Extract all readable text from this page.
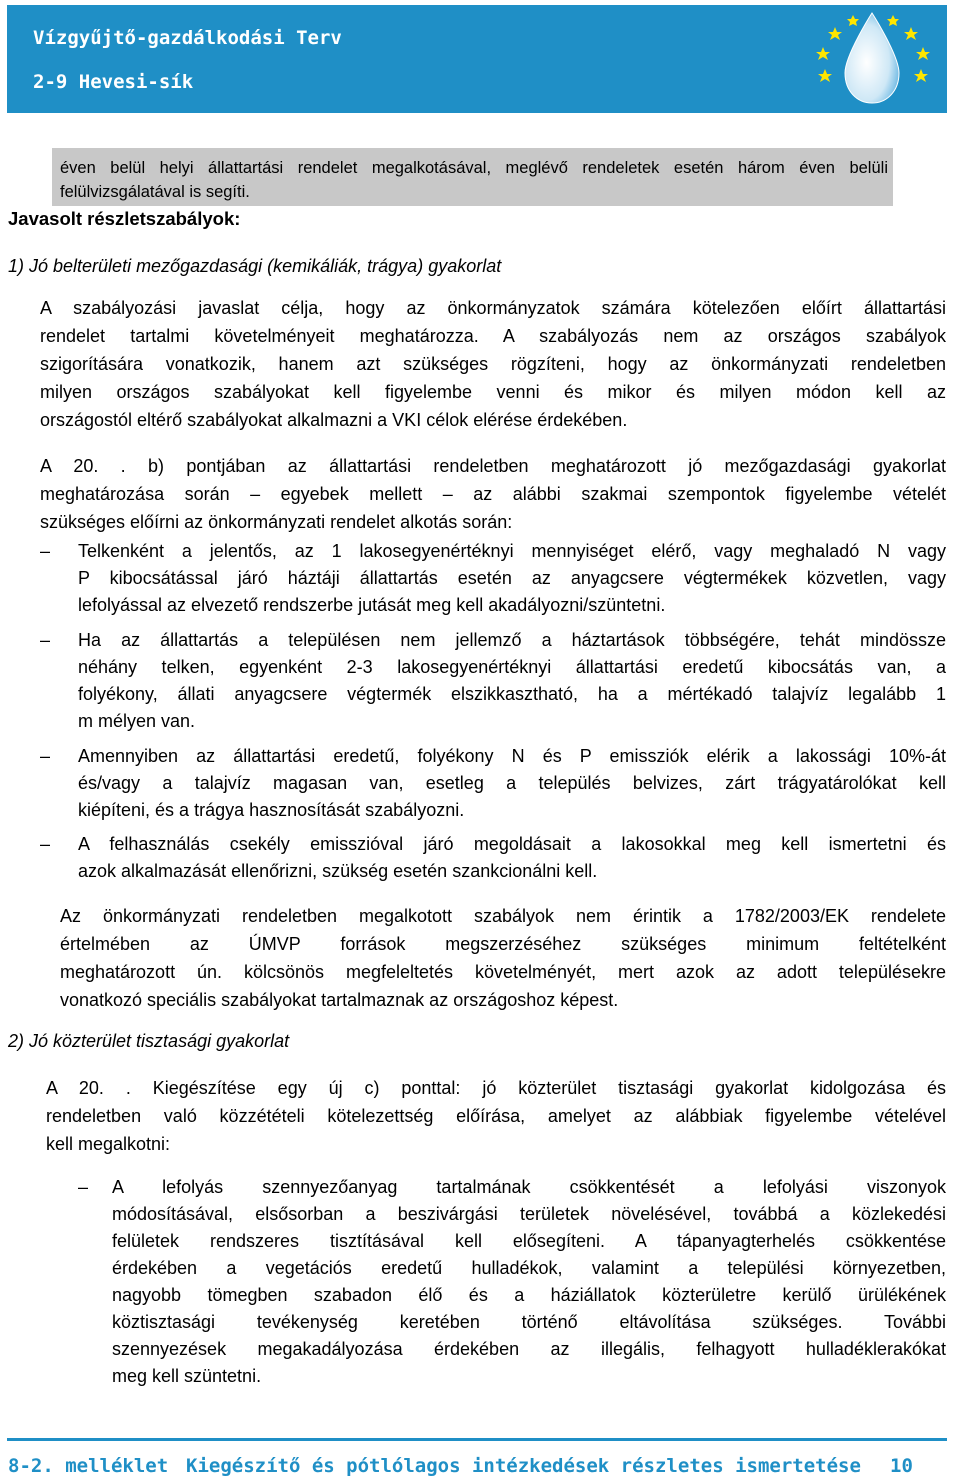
Vízgyűjtő-gazdálkodási Terv
2-9 Hevesi-sík

éven belül helyi állattartási rendelet megalkotásával, meglévő rendeletek esetén három éven belüli

felülvizsgálatával is segíti.

Javasolt részletszabályok:
1) Jó belterületi mezőgazdasági (kemikáliák, trágya) gyakorlat

A szabályozási javaslat célja, hogy az önkormányzatok számára kötelezően előírt állattartási

rendelet tartalmi követelményeit meghatározza. A szabályozás nem az országos szabályok

szigorítására vonatkozik, hanem azt szükséges rögzíteni, hogy az önkormányzati rendeletben

milyen országos szabályokat kell figyelembe venni és mikor és milyen módon kell az

országostól eltérő szabályokat alkalmazni a VKI célok elérése érdekében.

A 20. . b) pontjában az állattartási rendeletben meghatározott jó mezőgazdasági gyakorlat

meghatározása során – egyebek mellett – az alábbi szakmai szempontok figyelembe vételét

szükséges előírni az önkormányzati rendelet alkotás során:

– Telkenként a jelentős, az 1 lakosegyenértéknyi mennyiséget elérő, vagy meghaladó N vagy

P kibocsátással járó háztáji állattartás esetén az anyagcsere végtermékek közvetlen, vagy

lefolyással az elvezető rendszerbe jutását meg kell akadályozni/szüntetni.

– Ha az állattartás a településen nem jellemző a háztartások többségére, tehát mindössze

néhány telken, egyenként 2-3 lakosegyenértéknyi állattartási eredetű kibocsátás van, a

folyékony, állati anyagcsere végtermék elszikkasztható, ha a mértékadó talajvíz legalább 1

m mélyen van.

– Amennyiben az állattartási eredetű, folyékony N és P emissziók elérik a lakossági 10%-át

és/vagy a talajvíz magasan van, esetleg a település belvizes, zárt trágyatárolókat kell

kiépíteni, és a trágya hasznosítását szabályozni.

– A felhasználás csekély emisszióval járó megoldásait a lakosokkal meg kell ismertetni és

azok alkalmazását ellenőrizni, szükség esetén szankcionálni kell.

Az önkormányzati rendeletben megalkotott szabályok nem érintik a 1782/2003/EK rendelete

értelmében az ÚMVP források megszerzéséhez szükséges minimum feltételként

meghatározott ún. kölcsönös megfeleltetés követelményét, mert azok az adott településekre

vonatkozó speciális szabályokat tartalmaznak az országoshoz képest.

2) Jó közterület tisztasági gyakorlat

A 20. . Kiegészítése egy új c) ponttal: jó közterület tisztasági gyakorlat kidolgozása és

rendeletben való közzétételi kötelezettség előírása, amelyet az alábbiak figyelembe vételével

kell megalkotni:

– A lefolyás szennyezőanyag tartalmának csökkentését a lefolyási viszonyok

módosításával, elsősorban a beszivárgási területek növelésével, továbbá a közlekedési

felületek rendszeres tisztításával kell elősegíteni. A tápanyagterhelés csökkentése

érdekében a vegetációs eredetű hulladékok, valamint a települési környezetben,

nagyobb tömegben szabadon élő és a háziállatok közterületre kerülő ürülékének

köztisztasági tevékenység keretében történő eltávolítása szükséges. További

szennyezések megakadályozása érdekében az illegális, felhagyott hulladéklerakókat

meg kell szüntetni.

8-2. melléklet Kiegészítő és pótlólagos intézkedések részletes ismertetése 10
